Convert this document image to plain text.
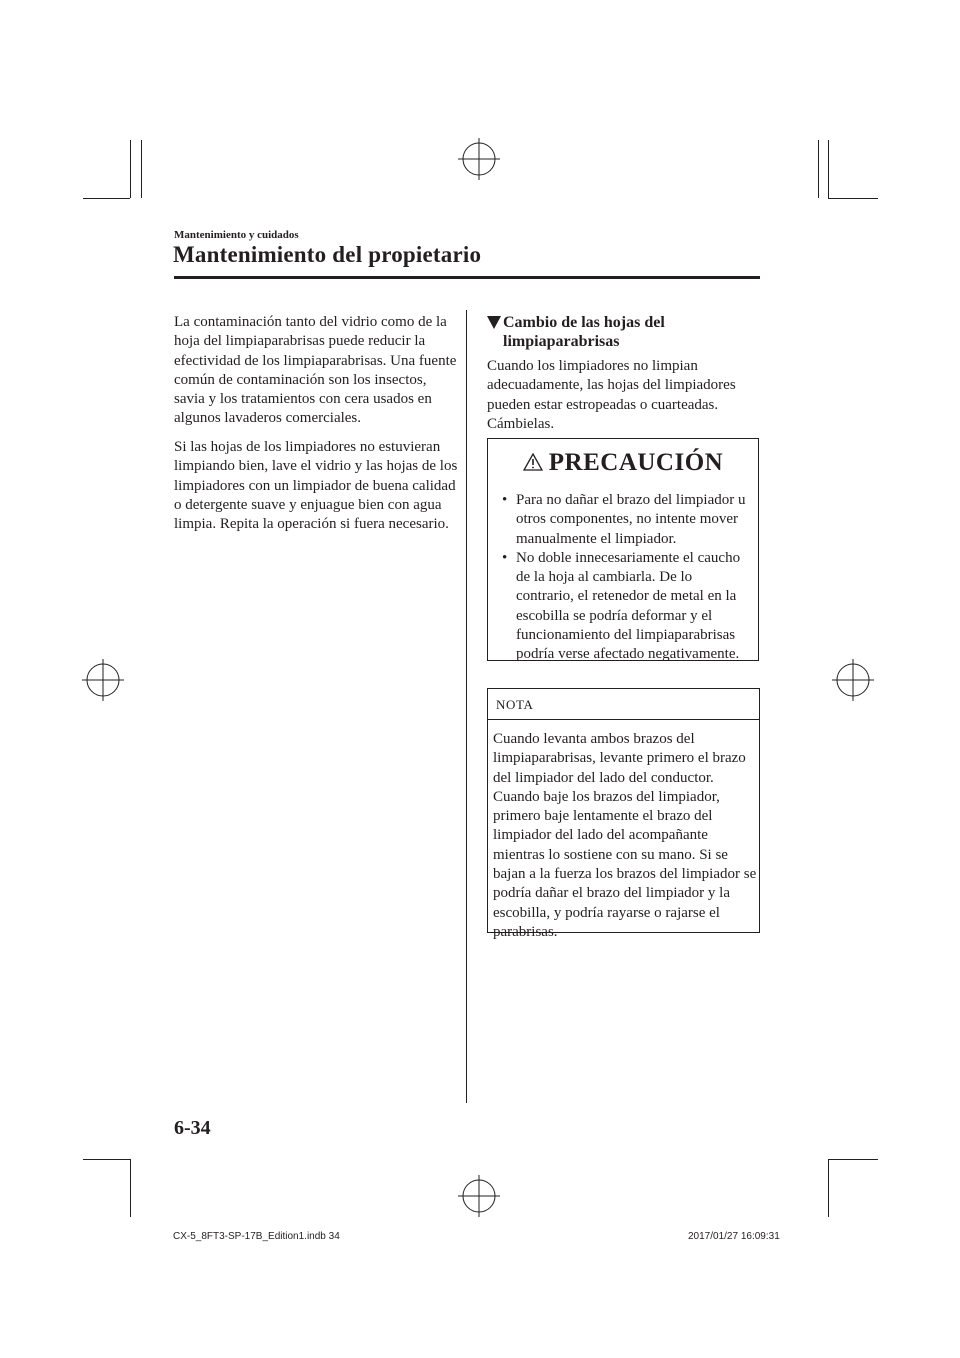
Mantenimiento y cuidados
Mantenimiento del propietario

La contaminación tanto del vidrio como de la hoja del limpiaparabrisas puede reducir la efectividad de los limpiaparabrisas. Una fuente común de contaminación son los insectos, savia y los tratamientos con cera usados en algunos lavaderos comerciales.

Si las hojas de los limpiadores no estuvieran limpiando bien, lave el vidrio y las hojas de los limpiadores con un limpiador de buena calidad o detergente suave y enjuague bien con agua limpia. Repita la operación si fuera necesario.

Cambio de las hojas del limpiaparabrisas

Cuando los limpiadores no limpian adecuadamente, las hojas del limpiadores pueden estar estropeadas o cuarteadas. Cámbielas.

PRECAUCIÓN
• Para no dañar el brazo del limpiador u otros componentes, no intente mover manualmente el limpiador.
• No doble innecesariamente el caucho de la hoja al cambiarla. De lo contrario, el retenedor de metal en la escobilla se podría deformar y el funcionamiento del limpiaparabrisas podría verse afectado negativamente.
NOTA

Cuando levanta ambos brazos del limpiaparabrisas, levante primero el brazo del limpiador del lado del conductor. Cuando baje los brazos del limpiador, primero baje lentamente el brazo del limpiador del lado del acompañante mientras lo sostiene con su mano. Si se bajan a la fuerza los brazos del limpiador se podría dañar el brazo del limpiador y la escobilla, y podría rayarse o rajarse el parabrisas.

6-34
CX-5_8FT3-SP-17B_Edition1.indb 34	2017/01/27 16:09:31
